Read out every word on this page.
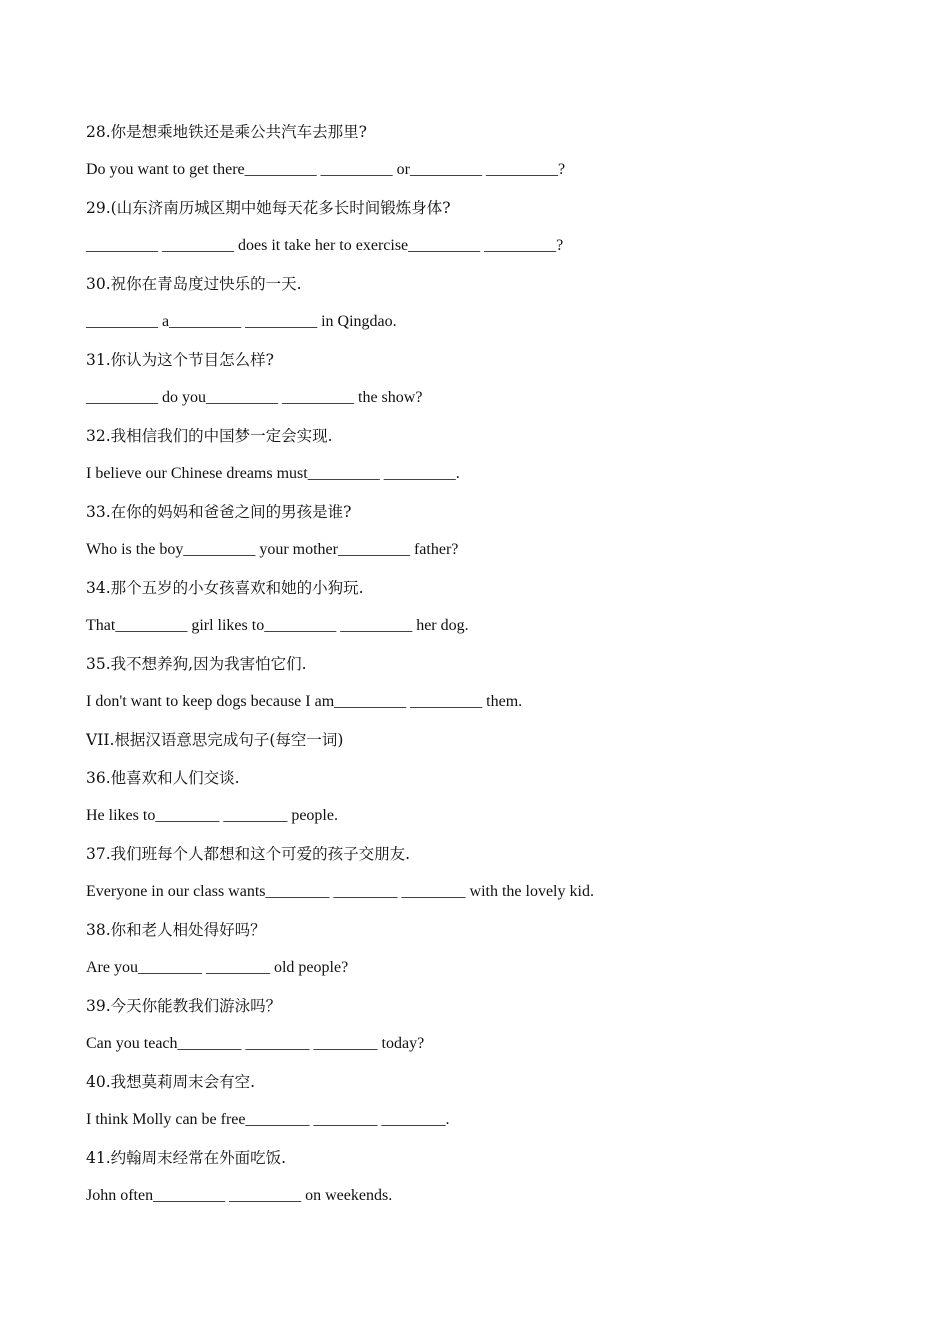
28.你是想乘地铁还是乘公共汽车去那里?
Do you want to get there_________ _________ or_________ _________?
29.(山东济南历城区期中她每天花多长时间锻炼身体?
_________ _________ does it take her to exercise_________ _________?
30.祝你在青岛度过快乐的一天.
_________ a_________ _________ in Qingdao.
31.你认为这个节目怎么样?
_________ do you_________ _________ the show?
32.我相信我们的中国梦一定会实现.
I believe our Chinese dreams must_________ _________.
33.在你的妈妈和爸爸之间的男孩是谁?
Who is the boy_________ your mother_________ father?
34.那个五岁的小女孩喜欢和她的小狗玩.
That_________ girl likes to_________ _________ her dog.
35.我不想养狗,因为我害怕它们.
I don't want to keep dogs because I am_________ _________ them.
VII.根据汉语意思完成句子(每空一词)
36.他喜欢和人们交谈.
He likes to________ ________ people.
37.我们班每个人都想和这个可爱的孩子交朋友.
Everyone in our class wants________ ________ ________ with the lovely kid.
38.你和老人相处得好吗？
Are you________ ________ old people?
39.今天你能教我们游泳吗？
Can you teach________ ________ ________ today?
40.我想莫莉周末会有空.
I think Molly can be free________ ________ ________.
41.约翰周末经常在外面吃饭.
John often_________ _________ on weekends.
